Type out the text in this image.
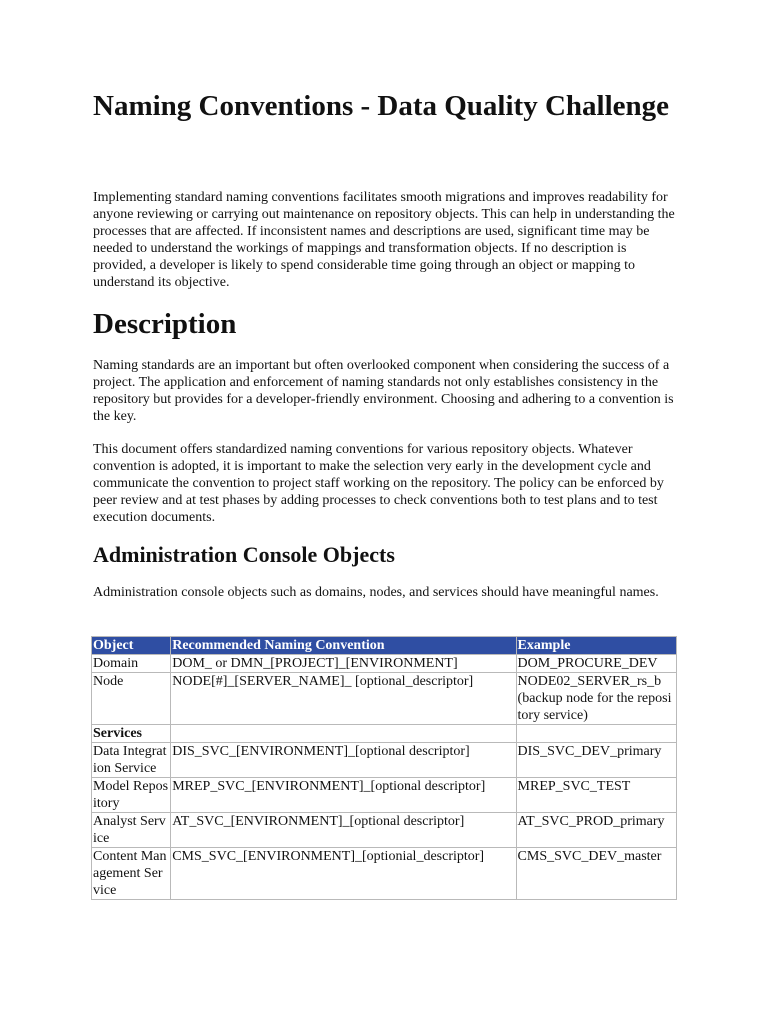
Naming Conventions - Data Quality Challenge

Implementing standard naming conventions facilitates smooth migrations and improves readability for anyone reviewing or carrying out maintenance on repository objects. This can help in understanding the processes that are affected. If inconsistent names and descriptions are used, significant time may be needed to understand the workings of mappings and transformation objects. If no description is provided, a developer is likely to spend considerable time going through an object or mapping to understand its objective.

Description

Naming standards are an important but often overlooked component when considering the success of a project. The application and enforcement of naming standards not only establishes consistency in the repository but provides for a developer-friendly environment. Choosing and adhering to a convention is the key.

This document offers standardized naming conventions for various repository objects. Whatever convention is adopted, it is important to make the selection very early in the development cycle and communicate the convention to project staff working on the repository. The policy can be enforced by peer review and at test phases by adding processes to check conventions both to test plans and to test execution documents.

Administration Console Objects

Administration console objects such as domains, nodes, and services should have meaningful names.

Object	Recommended Naming Convention	Example
Domain	DOM_ or DMN_[PROJECT]_[ENVIRONMENT]	DOM_PROCURE_DEV
Node	NODE[#]_[SERVER_NAME]_ [optional_descriptor]	NODE02_SERVER_rs_b (backup node for the repository service)
Services		
Data Integration Service	DIS_SVC_[ENVIRONMENT]_[optional descriptor]	DIS_SVC_DEV_primary
Model Repository	MREP_SVC_[ENVIRONMENT]_[optional descriptor]	MREP_SVC_TEST
Analyst Service	AT_SVC_[ENVIRONMENT]_[optional descriptor]	AT_SVC_PROD_primary
Content Management Service	CMS_SVC_[ENVIRONMENT]_[optionial_descriptor]	CMS_SVC_DEV_master
